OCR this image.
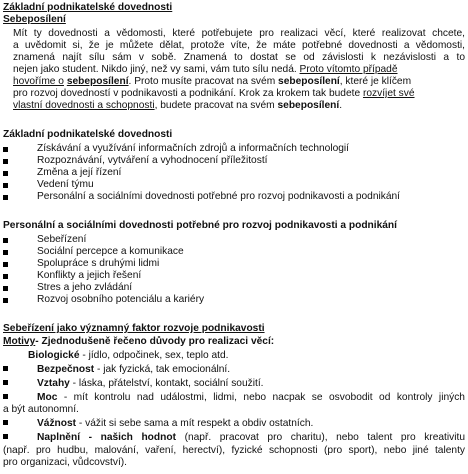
Základní podnikatelské dovednosti
Sebeposílení
Mít ty dovednosti a vědomosti, které potřebujete pro realizaci věcí, které realizovat chcete,
a uvědomit si, že je můžete dělat, protože víte, že máte potřebné dovednosti a vědomosti,
znamená najít sílu sám v sobě. Znamená to dostat se od závislosti k nezávislosti a to
nejen jako student. Nikdo jiný, než vy sami, vám tuto sílu nedá. Proto vítomto případě
hovoříme o sebeposílení. Proto musíte pracovat na svém sebeposílení, které je klíčem
pro rozvoj dovedností v podnikavosti a podnikání. Krok za krokem tak budete rozvíjet své
vlastní dovednosti a schopnosti, budete pracovat na svém sebeposílení.
Základní podnikatelské dovednosti
Získávání a využívání informačních zdrojů a informačních technologií
Rozpoznávání, vytváření a vyhodnocení příležitostí
Změna a její řízení
Vedení týmu
Personální a sociálními dovednosti potřebné pro rozvoj podnikavosti a podnikání
Personální a sociálními dovednosti potřebné pro rozvoj podnikavosti a podnikání
Sebeřízení
Sociální percepce a komunikace
Spolupráce s druhými lidmi
Konflikty a jejich řešení
Stres a jeho zvládání
Rozvoj osobního potenciálu a kariéry
Sebeřízení jako významný faktor rozvoje podnikavosti
Motivy- Zjednodušeně řečeno důvody pro realizaci věcí:
Biologické - jídlo, odpočinek, sex, teplo atd.
Bezpečnost - jak fyzická, tak emocionální.
Vztahy - láska, přátelství, kontakt, sociální soužití.
Moc - mít kontrolu nad událostmi, lidmi, nebo nacpak se osvobodit od kontroly jiných
a být autonomní.
Vážnost - vážit si sebe sama a mít respekt a obdiv ostatních.
Naplnění - našich hodnot (např. pracovat pro charitu), nebo talent pro kreativitu
(např. pro hudbu, malování, vaření, herectví), fyzické schopnosti (pro sport), nebo jiné talenty
pro organizaci, vůdcovství).
